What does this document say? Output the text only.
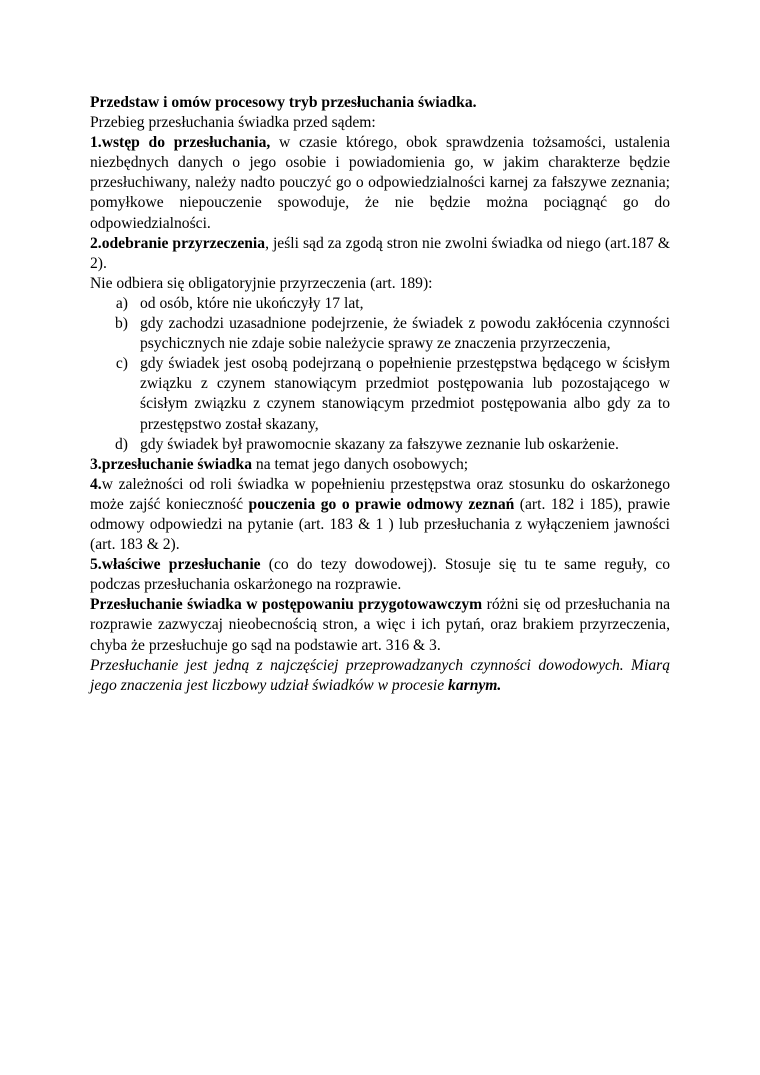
Przedstaw i omów procesowy tryb przesłuchania świadka.

Przebieg przesłuchania świadka przed sądem:

1.wstęp do przesłuchania, w czasie którego, obok sprawdzenia tożsamości, ustalenia niezbędnych danych o jego osobie i powiadomienia go, w jakim charakterze będzie przesłuchiwany, należy nadto pouczyć go o odpowiedzialności karnej za fałszywe zeznania; pomyłkowe niepouczenie spowoduje, że nie będzie można pociągnąć go do odpowiedzialności.

2.odebranie przyrzeczenia, jeśli sąd za zgodą stron nie zwolni świadka od niego (art.187 & 2).

Nie odbiera się obligatoryjnie przyrzeczenia (art. 189):

a) od osób, które nie ukończyły 17 lat,
b) gdy zachodzi uzasadnione podejrzenie, że świadek z powodu zakłócenia czynności psychicznych nie zdaje sobie należycie sprawy ze znaczenia przyrzeczenia,
c) gdy świadek jest osobą podejrzaną o popełnienie przestępstwa będącego w ścisłym związku z czynem stanowiącym przedmiot postępowania lub pozostającego w ścisłym związku z czynem stanowiącym przedmiot postępowania albo gdy za to przestępstwo został skazany,
d) gdy świadek był prawomocnie skazany za fałszywe zeznanie lub oskarżenie.

3.przesłuchanie świadka na temat jego danych osobowych;

4.w zależności od roli świadka w popełnieniu przestępstwa oraz stosunku do oskarżonego może zajść konieczność pouczenia go o prawie odmowy zeznań (art. 182 i 185), prawie odmowy odpowiedzi na pytanie (art. 183 & 1 ) lub przesłuchania z wyłączeniem jawności (art. 183 & 2).

5.właściwe przesłuchanie (co do tezy dowodowej). Stosuje się tu te same reguły, co podczas przesłuchania oskarżonego na rozprawie.

Przesłuchanie świadka w postępowaniu przygotowawczym różni się od przesłuchania na rozprawie zazwyczaj nieobecnością stron, a więc i ich pytań, oraz brakiem przyrzeczenia, chyba że przesłuchuje go sąd na podstawie art. 316 & 3.

Przesłuchanie jest jedną z najczęściej przeprowadzanych czynności dowodowych. Miarą jego znaczenia jest liczbowy udział świadków w procesie karnym.
